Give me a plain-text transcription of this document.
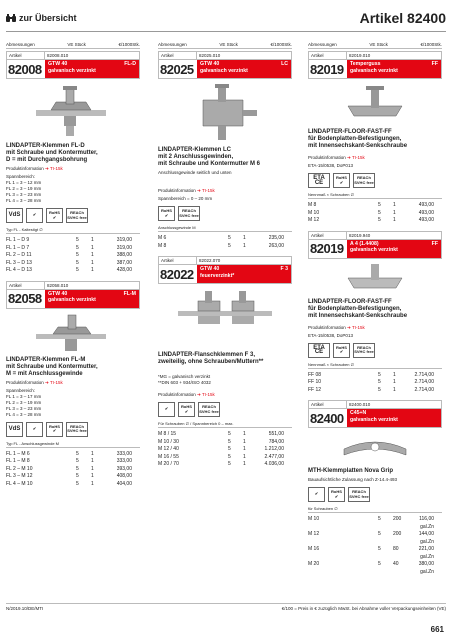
zur Übersicht	Artikel 82400
Abmessungen	VE Stück	€/1000Stk.
Artikel	82008.010
82008	GTW 40
galvanisch verzinkt
FL-D
LINDAPTER-Klemmen FL-D
mit Schraube und Kontermutter,
D = mit Durchgangsbohrung
Produktinformation ➔ TI-15k
Spannbereich:
FL 1 = 3 – 12 mm
FL 2 = 3 – 19 mm
FL 3 = 3 – 23 mm
FL 4 = 3 – 28 mm
VdS	✔	RoHS
✔
REACh SVHC free
Typ FL - Kaltestigt ∅
FL 1 – D 9	5	1	319,00
FL 1 – D 7	5	1	319,00
FL 2 – D 11	5	1	388,00
FL 3 – D 13	5	1	387,00
FL 4 – D 13	5	1	428,00
Artikel	82058.010
82058	GTW 40
galvanisch verzinkt
FL-M
LINDAPTER-Klemmen FL-M
mit Schraube und Kontermutter,
M = mit Anschlussgewinde
Produktinformation ➔ TI-15k
Spannbereich:
FL 1 = 3 – 17 mm
FL 2 = 3 – 19 mm
FL 3 = 3 – 23 mm
FL 4 = 3 – 28 mm
VdS	✔	RoHS
✔
REACh SVHC free
Typ FL - Anschlussgewinde M
FL 1 – M 6	5	1	333,00
FL 1 – M 8	5	1	333,00
FL 2 – M 10	5	1	393,00
FL 3 – M 12	5	1	408,00
FL 4 – M 10	5	1	404,00
Abmessungen	VE Stück	€/1000Stk.
Artikel	82025.010
82025	GTW 40
galvanisch verzinkt
LC
LINDAPTER-Klemmen LC
mit 2 Anschlussgewinden,
mit Schraube und Kontermutter M 6
Anschlussgewinde seitlich und unten
Produktinformation ➔ TI-15k
Spannbereich = 0 – 20 mm
RoHS
✔
REACh SVHC free
Anschlussgewinde M
M 6	5	1	235,00
M 8	5	1	263,00
Artikel	82022.070
82022	GTW 40
feuerverzinkt*
F 3
LINDAPTER-Flanschklemmen F 3,
zweiteilig, ohne Schrauben/Muttern**
*MG = galvanisch verzinkt
**DIN 603 + 934/ISO 4032
Produktinformation ➔ TI-15k
✔	RoHS
✔
REACh SVHC free
Für Schrauben ∅ / Spannbereich 0 – max.
M 8 / 15	5	1	551,00
M 10 / 30	5	1	784,00
M 12 / 40	5	1	1.212,00
M 16 / 55	5	1	2.477,00
M 20 / 70	5	1	4.036,00
Abmessungen	VE Stück	€/1000Stk.
Artikel	82019.010
82019	Temperguss
galvanisch verzinkt
FF
LINDAPTER-FLOOR-FAST-FF
für Bodenplatten-Befestigungen,
mit Innensechskant-Senkschraube
Produktinformation ➔ TI-15k
ETA-15/0538, DoP013
ETA
CE
RoHS
✔
REACh SVHC free
Nennmaß × Schrauben ∅
M 8	5	1	493,00
M 10	5	1	493,00
M 12	5	1	493,00
Artikel	82019.940
82019	A 4 (1.4408)
galvanisch verzinkt
FF
LINDAPTER-FLOOR-FAST-FF
für Bodenplatten-Befestigungen,
mit Innensechskant-Senkschraube
Produktinformation ➔ TI-15k
ETA-15/0538, DoP013
ETA
CE
RoHS
✔
REACh SVHC free
Nennmaß × Schrauben ∅
FF 08	5	1	2.714,00
FF 10	5	1	2.714,00
FF 12	5	1	2.714,00
Artikel	82400.010
82400	C45+N
galvanisch verzinkt
MTH-Klemmplatten Nova Grip
Bauaufsichtliche Zulassung nach Z-14.4-493
✔	RoHS
✔
REACh SVHC free
für Schrauben ∅
M 10	5	200	116,00 gal.Zn
M 12	5	200	144,00 gal.Zn
M 16	5	80	221,00 gal.Zn
M 20	5	40	380,00 gal.Zn
N/2019.10/DE/MTI	€/100 = Preis in € zuzüglich MwSt. bei Abnahme voller Verpackungseinheiten (VE)
661
